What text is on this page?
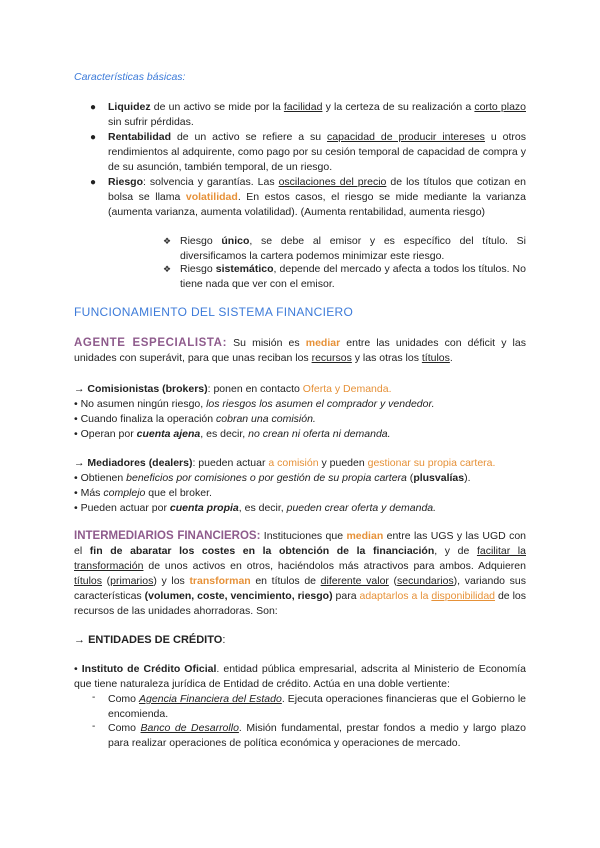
Características básicas:
● Liquidez de un activo se mide por la facilidad y la certeza de su realización a corto plazo sin sufrir pérdidas.
● Rentabilidad de un activo se refiere a su capacidad de producir intereses u otros rendimientos al adquirente, como pago por su cesión temporal de capacidad de compra y de su asunción, también temporal, de un riesgo.
● Riesgo: solvencia y garantías. Las oscilaciones del precio de los títulos que cotizan en bolsa se llama volatilidad. En estos casos, el riesgo se mide mediante la varianza (aumenta varianza, aumenta volatilidad). (Aumenta rentabilidad, aumenta riesgo)
❖ Riesgo único, se debe al emisor y es específico del título. Si diversificamos la cartera podemos minimizar este riesgo.
❖ Riesgo sistemático, depende del mercado y afecta a todos los títulos. No tiene nada que ver con el emisor.
FUNCIONAMIENTO DEL SISTEMA FINANCIERO
AGENTE ESPECIALISTA: Su misión es mediar entre las unidades con déficit y las unidades con superávit, para que unas reciban los recursos y las otras los títulos.

→ Comisionistas (brokers): ponen en contacto Oferta y Demanda.

• No asumen ningún riesgo, los riesgos los asumen el comprador y vendedor.

• Cuando finaliza la operación cobran una comisión.

• Operan por cuenta ajena, es decir, no crean ni oferta ni demanda.

→ Mediadores (dealers): pueden actuar a comisión y pueden gestionar su propia cartera.

• Obtienen beneficios por comisiones o por gestión de su propia cartera (plusvalías).

• Más complejo que el broker.

• Pueden actuar por cuenta propia, es decir, pueden crear oferta y demanda.

INTERMEDIARIOS FINANCIEROS: Instituciones que median entre las UGS y las UGD con el fin de abaratar los costes en la obtención de la financiación, y de facilitar la transformación de unos activos en otros, haciéndolos más atractivos para ambos. Adquieren títulos (primarios) y los transforman en títulos de diferente valor (secundarios), variando sus características (volumen, coste, vencimiento, riesgo) para adaptarlos a la disponibilidad de los recursos de las unidades ahorradoras. Son:
→ ENTIDADES DE CRÉDITO:
• Instituto de Crédito Oficial. entidad pública empresarial, adscrita al Ministerio de Economía que tiene naturaleza jurídica de Entidad de crédito. Actúa en una doble vertiente:
- Como Agencia Financiera del Estado. Ejecuta operaciones financieras que el Gobierno le encomienda.
- Como Banco de Desarrollo. Misión fundamental, prestar fondos a medio y largo plazo para realizar operaciones de política económica y operaciones de mercado.
